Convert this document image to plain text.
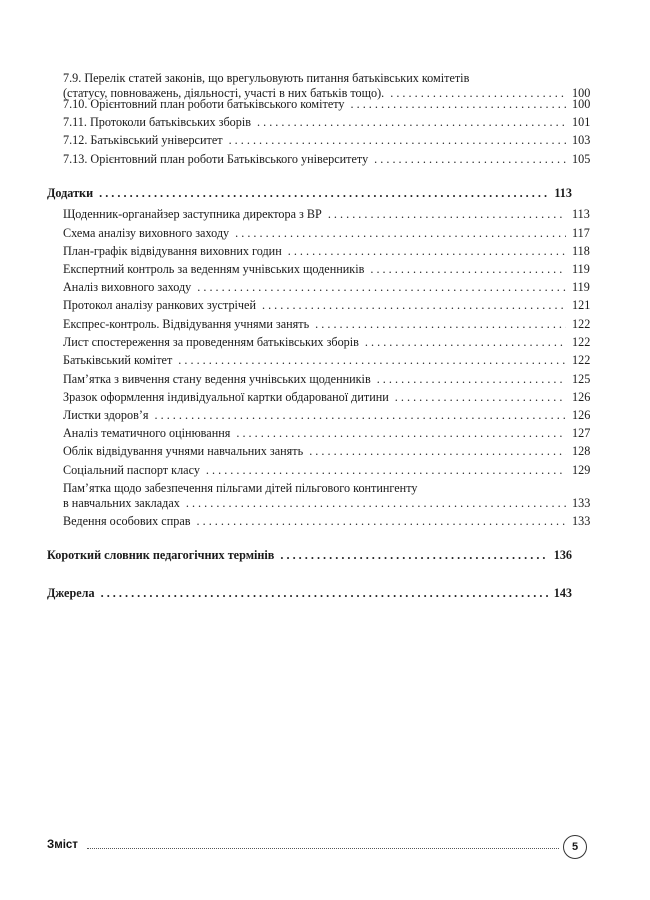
7.9. Перелік статей законів, що врегульовують питання батьківських комітетів
(статусу, повноважень, діяльності, участі в них батьків тощо). . . .	100
7.10. Орієнтовний план роботи батьківського комітету . . .	100
7.11. Протоколи батьківських зборів . . .	101
7.12. Батьківський університет . . .	103
7.13. Орієнтовний план роботи Батьківського університету . . .	105
Додатки . . .	113
Щоденник-органайзер заступника директора з ВР . . .	113
Схема аналізу виховного заходу . . .	117
План-графік відвідування виховних годин . . .	118
Експертний контроль за веденням учнівських щоденників . . .	119
Аналіз виховного заходу . . .	119
Протокол аналізу ранкових зустрічей . . .	121
Експрес-контроль. Відвідування учнями занять . . .	122
Лист спостереження за проведенням батьківських зборів . . .	122
Батьківський комітет . . .	122
Пам’ятка з вивчення стану ведення учнівських щоденників . . .	125
Зразок оформлення індивідуальної картки обдарованої дитини . . .	126
Листки здоров’я . . .	126
Аналіз тематичного оцінювання . . .	127
Облік відвідування учнями навчальних занять . . .	128
Соціальний паспорт класу . . .	129
Пам’ятка щодо забезпечення пільгами дітей пільгового контингенту
в навчальних закладах . . .	133
Ведення особових справ . . .	133
Короткий словник педагогічних термінів . . .	136
Джерела . . .	143
Зміст	5
